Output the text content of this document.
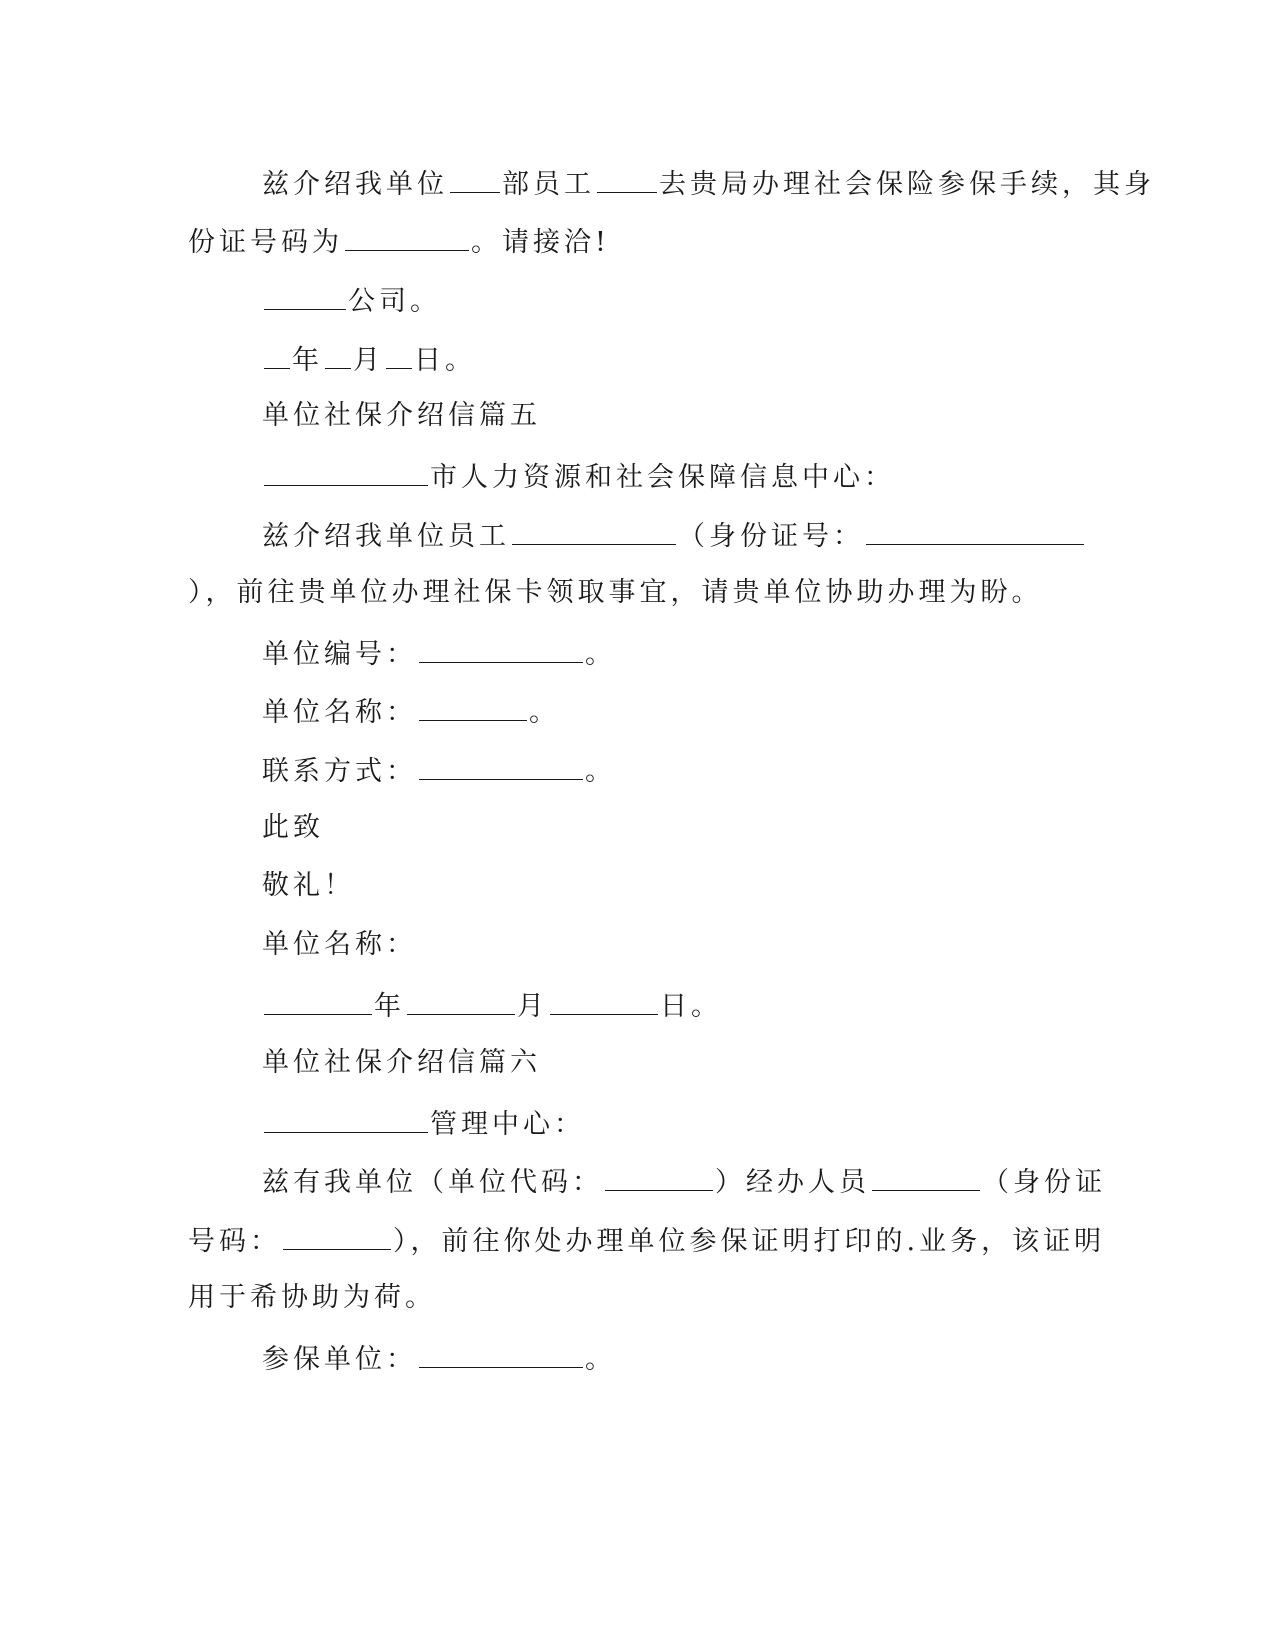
兹介绍我单位 部员工 去贵局办理社会保险参保手续，其身
份证号码为	。请接洽!
公司。
年 月 日。
单位社保介绍信篇五
市人力资源和社会保障信息中心：
兹介绍我单位员工	（身份证号：
），前往贵单位办理社保卡领取事宜，请贵单位协助办理为盼。
单位编号：	。
单位名称：	。
联系方式：	。
此致
敬礼！
单位名称：
年	月	日。
单位社保介绍信篇六
管理中心：
兹有我单位（单位代码：	）经办人员	（身份证
号码：	），前往你处办理单位参保证明打印的.业务，该证明
用于希协助为荷。
参保单位：	。
